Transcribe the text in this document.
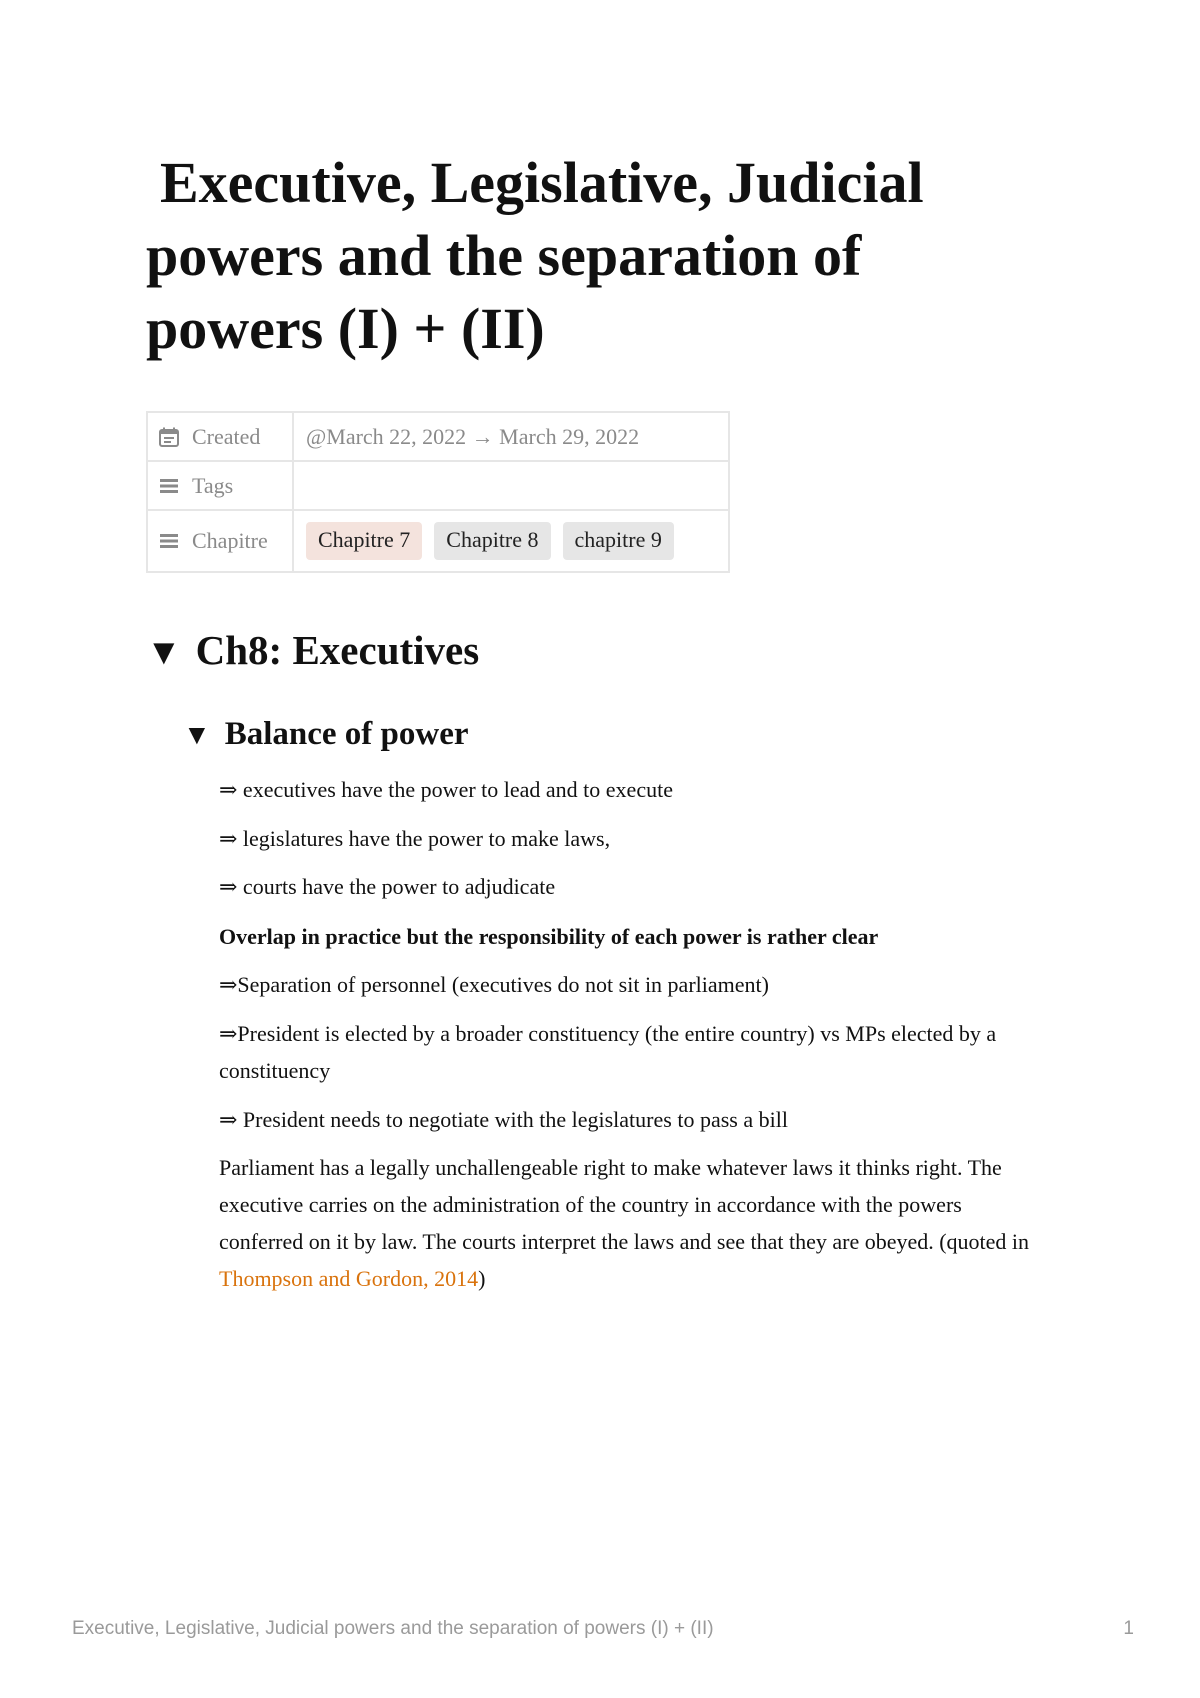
Executive, Legislative, Judicial
powers and the separation of
powers (I) + (II)
Created	@March 22, 2022 → March 29, 2022

Tags	

Chapitre	Chapitre 7 Chapitre 8 chapitre 9
▼ Ch8: Executives
▼ Balance of power

⇒ executives have the power to lead and to execute

⇒ legislatures have the power to make laws,

⇒ courts have the power to adjudicate

Overlap in practice but the responsibility of each power is rather clear

⇒Separation of personnel (executives do not sit in parliament)

⇒President is elected by a broader constituency (the entire country) vs MPs elected by a constituency

⇒ President needs to negotiate with the legislatures to pass a bill

Parliament has a legally unchallengeable right to make whatever laws it thinks right. The executive carries on the administration of the country in accordance with the powers conferred on it by law. The courts interpret the laws and see that they are obeyed. (quoted in Thompson and Gordon, 2014)

Executive, Legislative, Judicial powers and the separation of powers (I) + (II)	1
